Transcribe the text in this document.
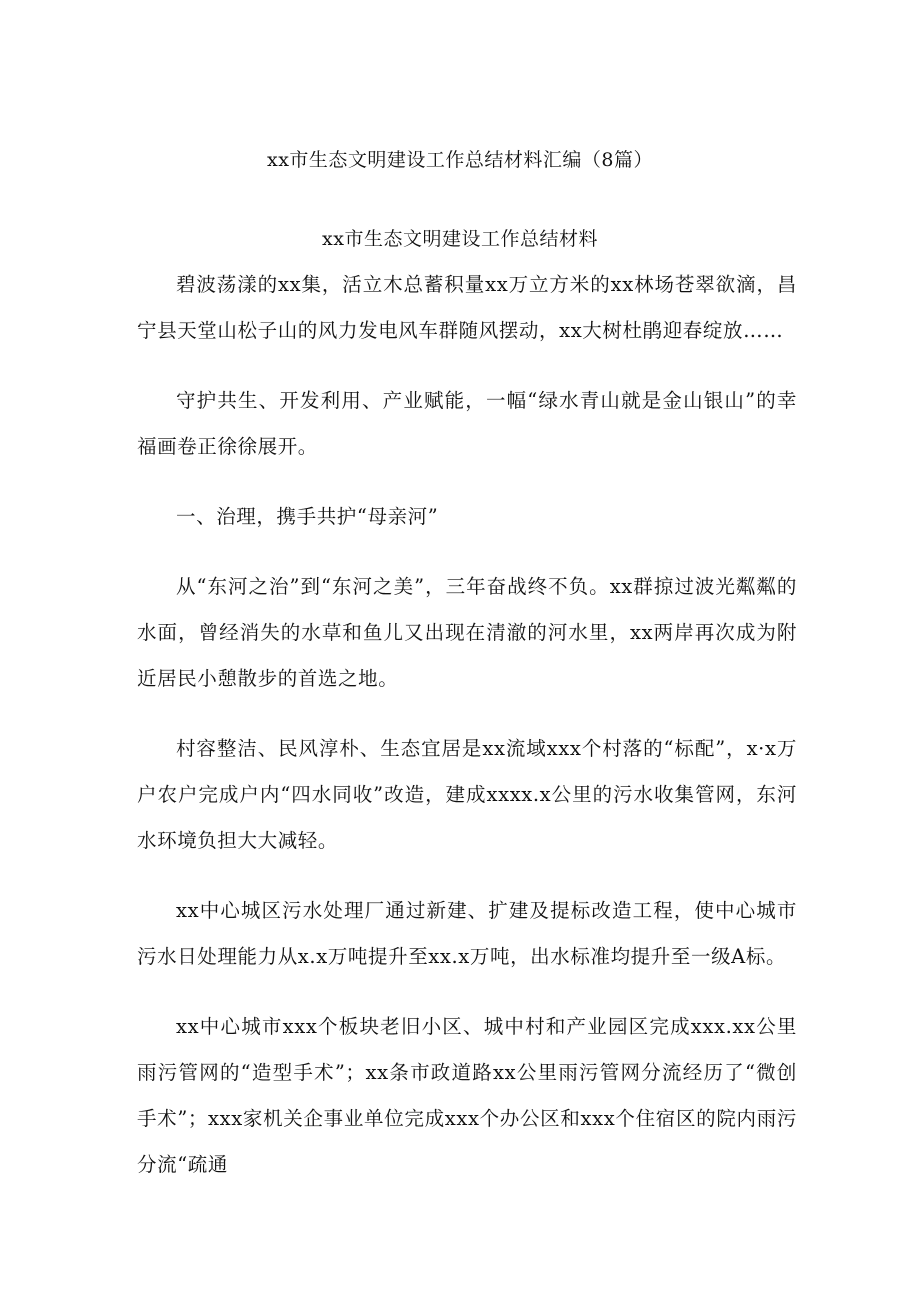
xx市生态文明建设工作总结材料汇编（8篇）
xx市生态文明建设工作总结材料

碧波荡漾的xx集，活立木总蓄积量xx万立方米的xx林场苍翠欲滴，昌宁县天堂山松子山的风力发电风车群随风摆动，xx大树杜鹃迎春绽放……

守护共生、开发利用、产业赋能，一幅“绿水青山就是金山银山”的幸福画卷正徐徐展开。

一、治理，携手共护“母亲河”

从“东河之治”到“东河之美”，三年奋战终不负。xx群掠过波光粼粼的水面，曾经消失的水草和鱼儿又出现在清澈的河水里，xx两岸再次成为附近居民小憩散步的首选之地。

村容整洁、民风淳朴、生态宜居是xx流域xxx个村落的“标配”，x·x万户农户完成户内“四水同收”改造，建成xxxx.x公里的污水收集管网，东河水环境负担大大减轻。

xx中心城区污水处理厂通过新建、扩建及提标改造工程，使中心城市污水日处理能力从x.x万吨提升至xx.x万吨，出水标准均提升至一级A标。

xx中心城市xxx个板块老旧小区、城中村和产业园区完成xxx.xx公里雨污管网的“造型手术”；xx条市政道路xx公里雨污管网分流经历了“微创手术”；xxx家机关企事业单位完成xxx个办公区和xxx个住宿区的院内雨污分流“疏通
